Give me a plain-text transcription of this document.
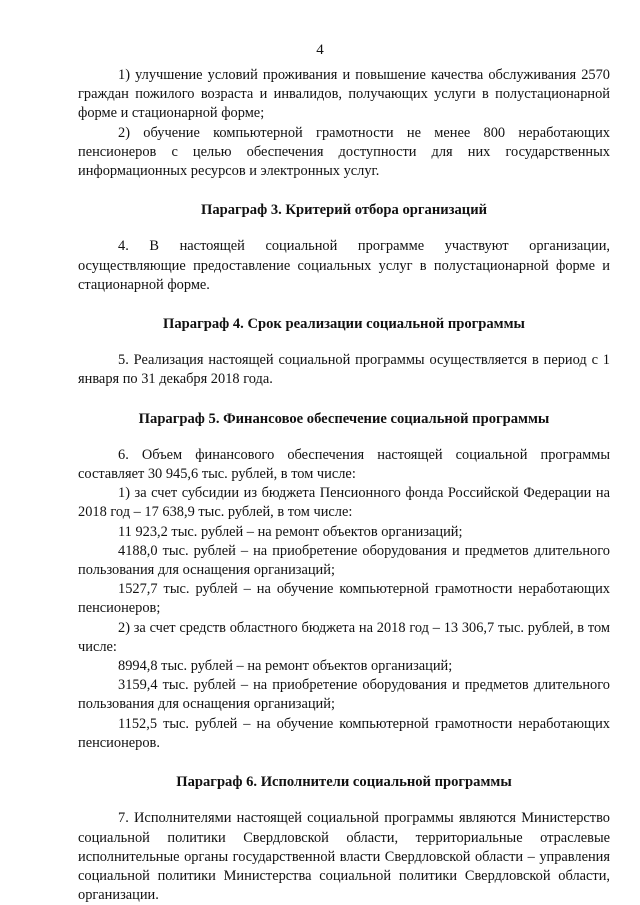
4

1) улучшение условий проживания и повышение качества обслуживания 2570 граждан пожилого возраста и инвалидов, получающих услуги в полустационарной форме и стационарной форме;

2) обучение компьютерной грамотности не менее 800 неработающих пенсионеров с целью обеспечения доступности для них государственных информационных ресурсов и электронных услуг.

Параграф 3. Критерий отбора организаций

4. В настоящей социальной программе участвуют организации, осуществляющие предоставление социальных услуг в полустационарной форме и стационарной форме.

Параграф 4. Срок реализации социальной программы

5. Реализация настоящей социальной программы осуществляется в период с 1 января по 31 декабря 2018 года.

Параграф 5. Финансовое обеспечение социальной программы

6. Объем финансового обеспечения настоящей социальной программы составляет 30 945,6 тыс. рублей, в том числе:

1) за счет субсидии из бюджета Пенсионного фонда Российской Федерации на 2018 год – 17 638,9 тыс. рублей, в том числе:

11 923,2 тыс. рублей – на ремонт объектов организаций;

4188,0 тыс. рублей – на приобретение оборудования и предметов длительного пользования для оснащения организаций;

1527,7 тыс. рублей – на обучение компьютерной грамотности неработающих пенсионеров;

2) за счет средств областного бюджета на 2018 год – 13 306,7 тыс. рублей, в том числе:

8994,8 тыс. рублей – на ремонт объектов организаций;

3159,4 тыс. рублей – на приобретение оборудования и предметов длительного пользования для оснащения организаций;

1152,5 тыс. рублей – на обучение компьютерной грамотности неработающих пенсионеров.

Параграф 6. Исполнители социальной программы

7. Исполнителями настоящей социальной программы являются Министерство социальной политики Свердловской области, территориальные отраслевые исполнительные органы государственной власти Свердловской области – управления социальной политики Министерства социальной политики Свердловской области, организации.
